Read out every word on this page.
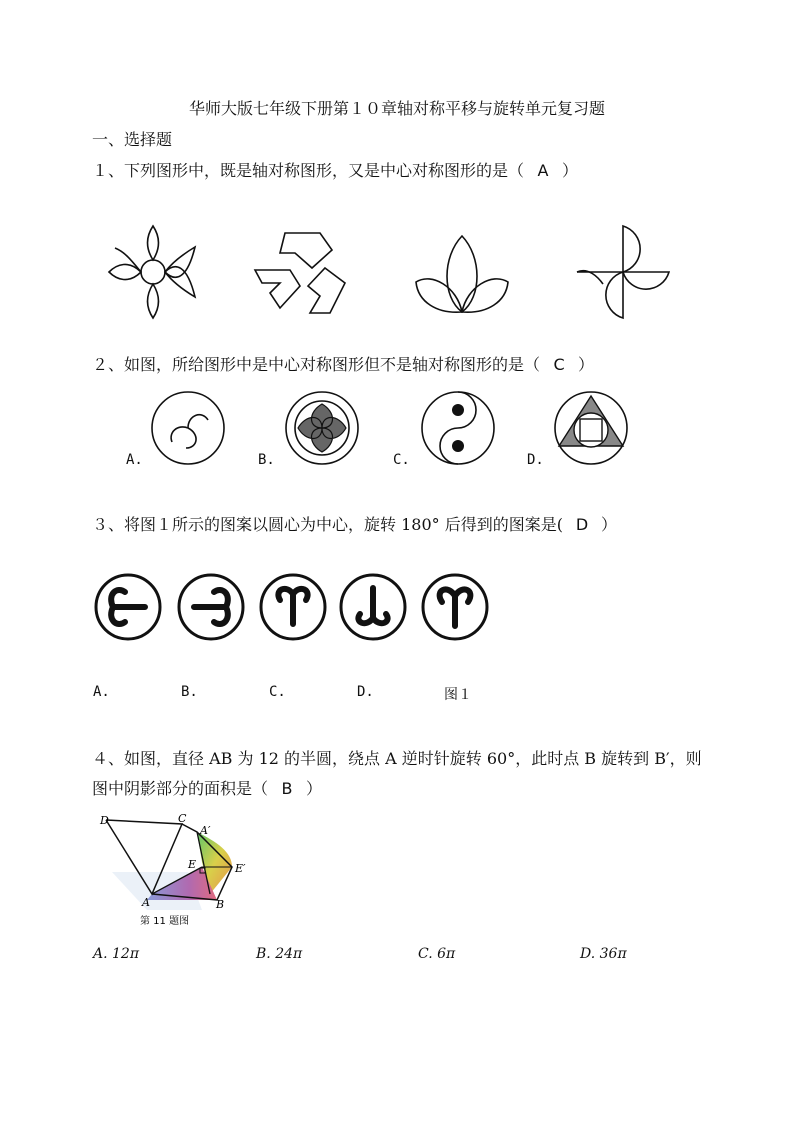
华师大版七年级下册第１０章轴对称平移与旋转单元复习题
一、选择题
１、下列图形中，既是轴对称图形，又是中心对称图形的是（ A ）
２、如图，所给图形中是中心对称图形但不是轴对称图形的是（ C ）
A.	B.	C.	D.
３、将图１所示的图案以圆心为中心，旋转 180° 后得到的图案是( D ）
A.	B.	C.	D.	图１
４、如图，直径 AB 为 12 的半圆，绕点 A 逆时针旋转 60°，此时点 B 旋转到 B′，则
图中阴影部分的面积是（ B ）
D	C
A′
E	E′
A	B
第 11 题图
A. 12π	B. 24π	C. 6π	D. 36π
